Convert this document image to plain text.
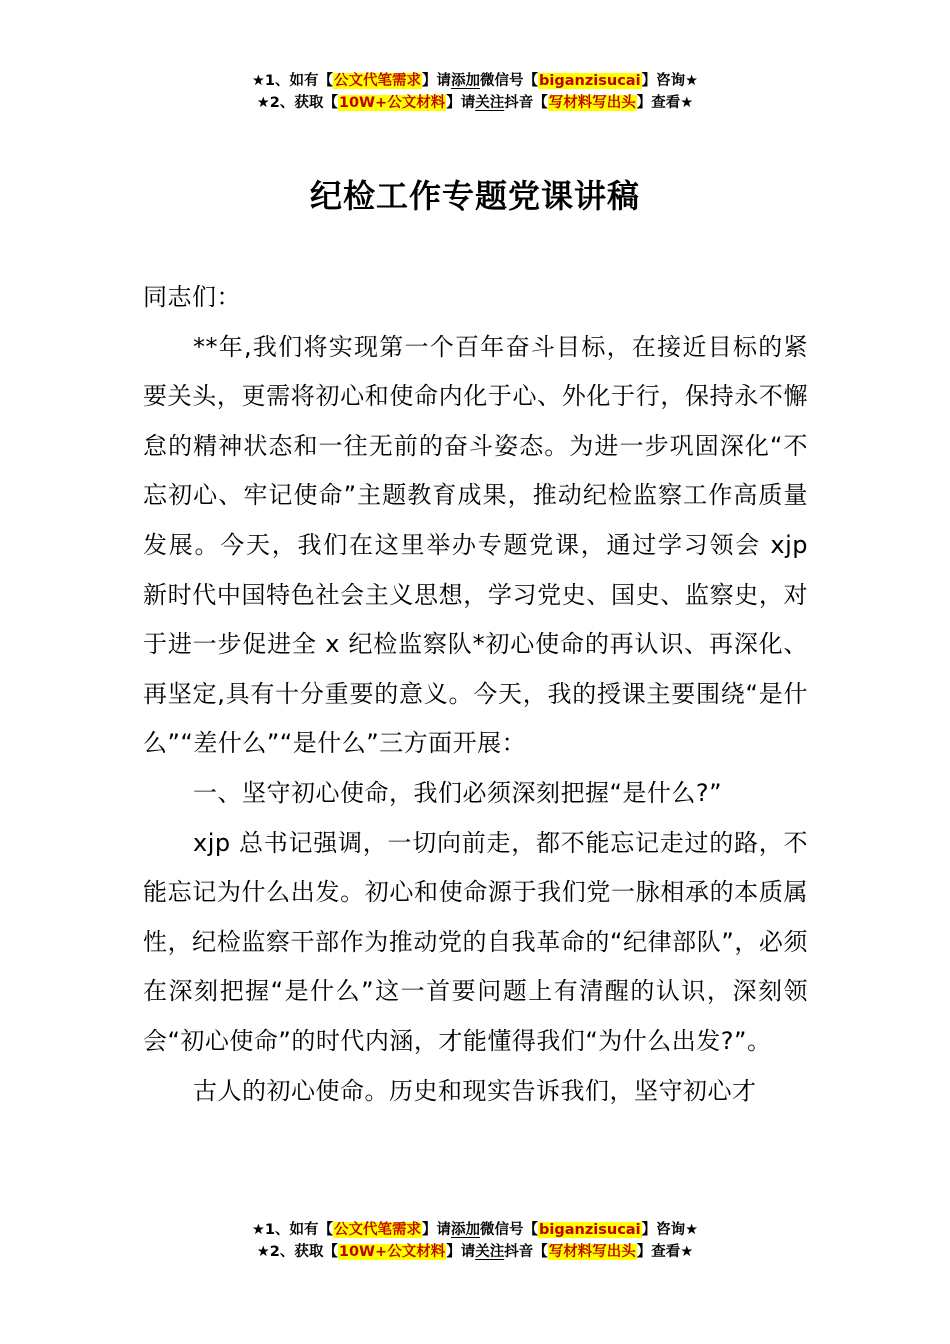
★1、如有【公文代笔需求】请添加微信号【biganzisucai】咨询★
★2、获取【10W+公文材料】请关注抖音【写材料写出头】查看★
纪检工作专题党课讲稿

同志们：

**年,我们将实现第一个百年奋斗目标，在接近目标的紧要关头，更需将初心和使命内化于心、外化于行，保持永不懈怠的精神状态和一往无前的奋斗姿态。为进一步巩固深化“不忘初心、牢记使命”主题教育成果，推动纪检监察工作高质量发展。今天，我们在这里举办专题党课，通过学习领会 xjp 新时代中国特色社会主义思想，学习党史、国史、监察史，对于进一步促进全 x 纪检监察队*初心使命的再认识、再深化、再坚定,具有十分重要的意义。今天，我的授课主要围绕“是什么”“差什么”“是什么”三方面开展：

一、坚守初心使命，我们必须深刻把握“是什么?”

xjp 总书记强调，一切向前走，都不能忘记走过的路，不能忘记为什么出发。初心和使命源于我们党一脉相承的本质属性，纪检监察干部作为推动党的自我革命的“纪律部队”，必须在深刻把握“是什么”这一首要问题上有清醒的认识，深刻领会“初心使命”的时代内涵，才能懂得我们“为什么出发?”。

古人的初心使命。历史和现实告诉我们，坚守初心才

★1、如有【公文代笔需求】请添加微信号【biganzisucai】咨询★
★2、获取【10W+公文材料】请关注抖音【写材料写出头】查看★
